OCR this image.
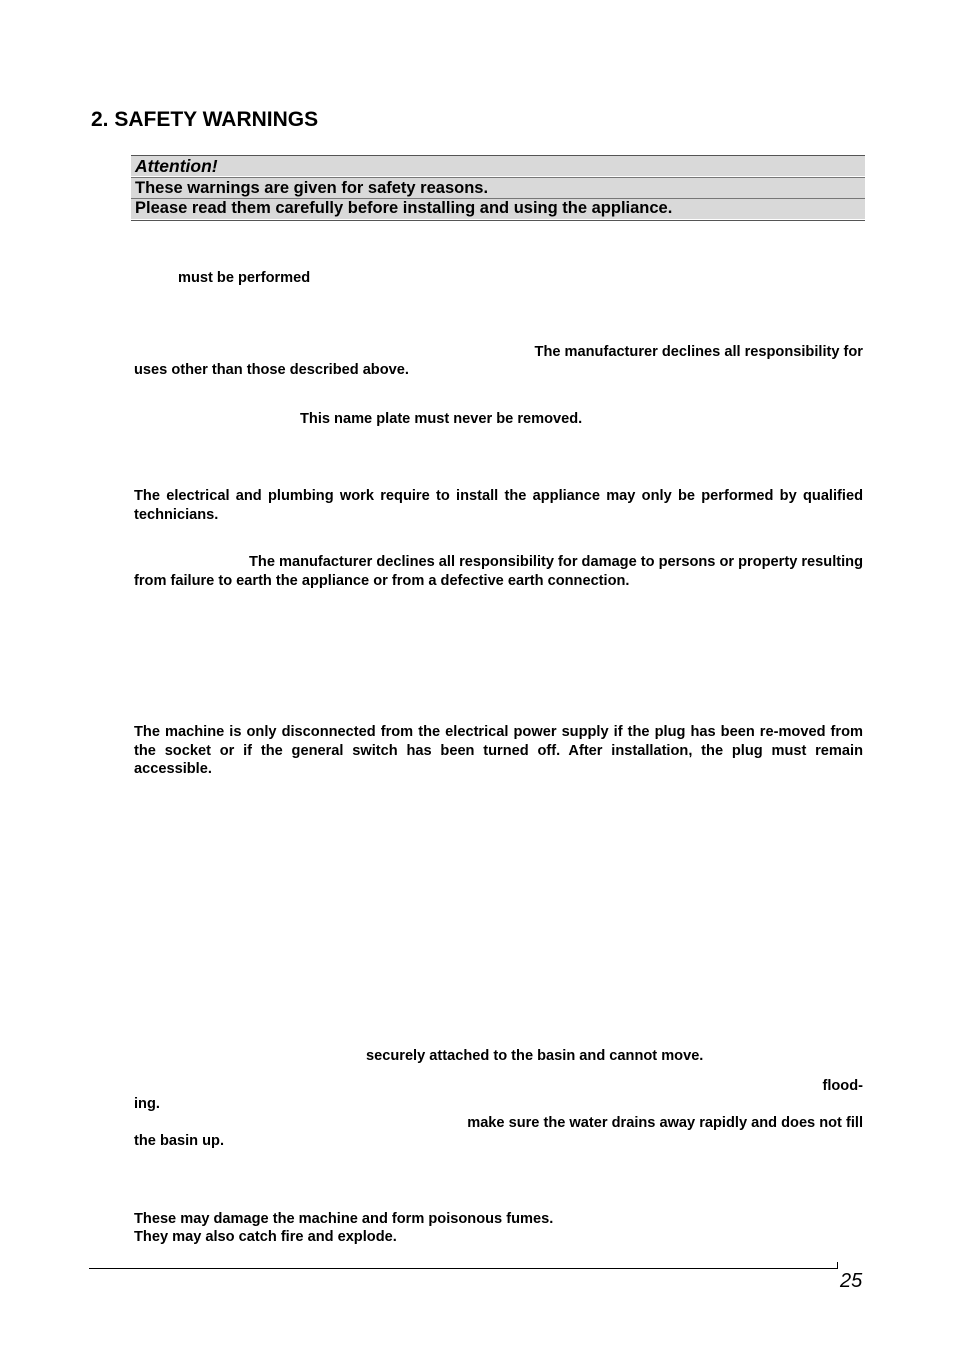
2. SAFETY WARNINGS
Attention!
These warnings are given for safety reasons.
Please read them carefully before installing and using the appliance.
must be performed
The manufacturer declines all responsibility for
uses other than those described above.
This name plate must never be removed.
The electrical and plumbing work require to install the appliance may only be performed by qualified technicians.
The manufacturer declines all responsibility for damage to persons or property resulting from failure to earth the appliance or from a defective earth connection.
The machine is only disconnected from the electrical power supply if the plug has been re-moved from the socket or if the general switch has been turned off. After installation, the plug must remain accessible.
securely attached to the basin and cannot move.
flood-
ing.
make sure the water drains away rapidly and does not fill
the basin up.
These may damage the machine and form poisonous fumes.
They may also catch fire and explode.
25
